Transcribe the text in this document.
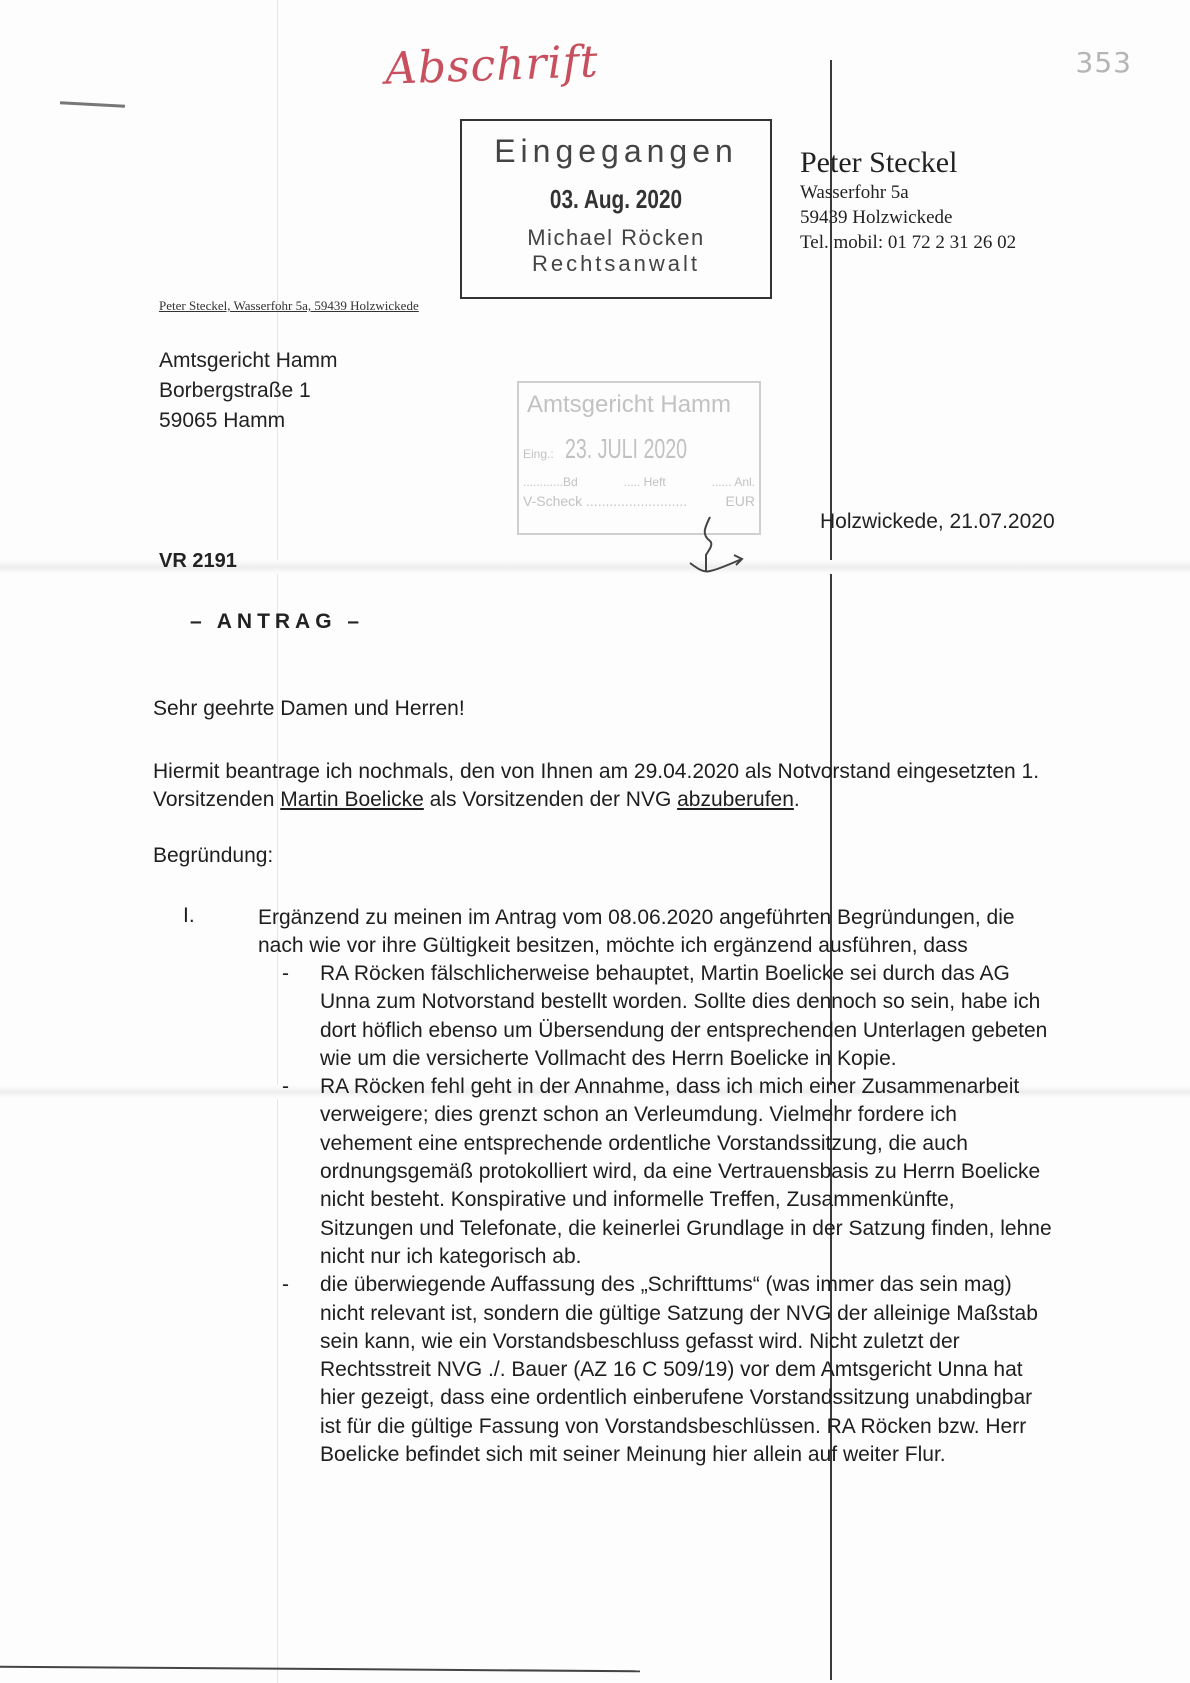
Abschrift	353
Eingegangen
03. Aug. 2020
Michael Röcken
Rechtsanwalt
Peter Steckel
Wasserfohr 5a
59439 Holzwickede
Tel. mobil: 01 72 2 31 26 02
Peter Steckel, Wasserfohr 5a, 59439 Holzwickede
Amtsgericht Hamm
Borbergstraße 1
59065 Hamm
Amtsgericht Hamm
Eing.: 23. JULI 2020
............Bd	..... Heft	...... Anl.
V-Scheck ..........................	EUR
Holzwickede, 21.07.2020
VR 2191
– ANTRAG –
Sehr geehrte Damen und Herren!
Hiermit beantrage ich nochmals, den von Ihnen am 29.04.2020 als Notvorstand eingesetzten 1. Vorsitzenden Martin Boelicke als Vorsitzenden der NVG abzuberufen.
Begründung:
I.	Ergänzend zu meinen im Antrag vom 08.06.2020 angeführten Begründungen, die nach wie vor ihre Gültigkeit besitzen, möchte ich ergänzend ausführen, dass
- RA Röcken fälschlicherweise behauptet, Martin Boelicke sei durch das AG Unna zum Notvorstand bestellt worden. Sollte dies dennoch so sein, habe ich dort höflich ebenso um Übersendung der entsprechenden Unterlagen gebeten wie um die versicherte Vollmacht des Herrn Boelicke in Kopie.
- RA Röcken fehl geht in der Annahme, dass ich mich einer Zusammenarbeit verweigere; dies grenzt schon an Verleumdung. Vielmehr fordere ich vehement eine entsprechende ordentliche Vorstandssitzung, die auch ordnungsgemäß protokolliert wird, da eine Vertrauensbasis zu Herrn Boelicke nicht besteht. Konspirative und informelle Treffen, Zusammenkünfte, Sitzungen und Telefonate, die keinerlei Grundlage in der Satzung finden, lehne nicht nur ich kategorisch ab.
- die überwiegende Auffassung des „Schrifttums“ (was immer das sein mag) nicht relevant ist, sondern die gültige Satzung der NVG der alleinige Maßstab sein kann, wie ein Vorstandsbeschluss gefasst wird. Nicht zuletzt der Rechtsstreit NVG ./. Bauer (AZ 16 C 509/19) vor dem Amtsgericht Unna hat hier gezeigt, dass eine ordentlich einberufene Vorstandssitzung unabdingbar ist für die gültige Fassung von Vorstandsbeschlüssen. RA Röcken bzw. Herr Boelicke befindet sich mit seiner Meinung hier allein auf weiter Flur.
